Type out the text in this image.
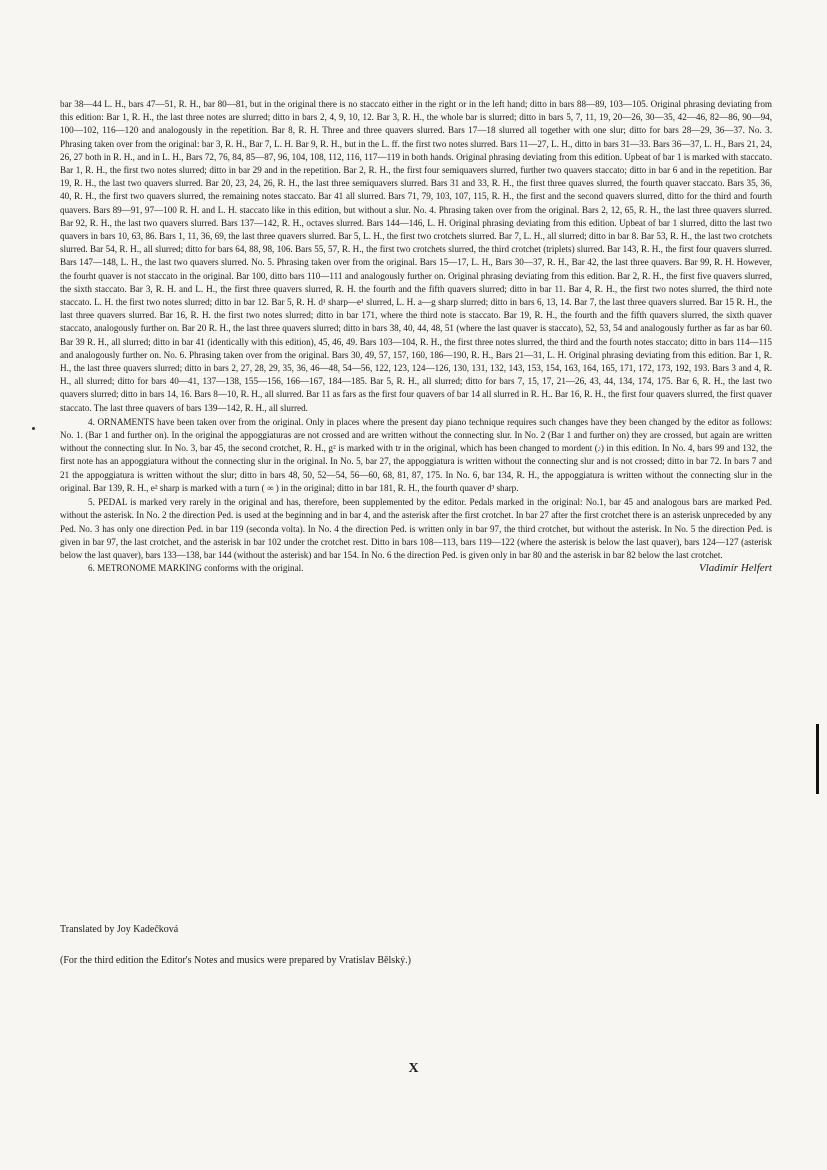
bar 38—44 L. H., bars 47—51, R. H., bar 80—81, but in the original there is no staccato either in the right or in the left hand; ditto in bars 88—89, 103—105. Original phrasing deviating from this edition: Bar 1, R. H., the last three notes are slurred; ditto in bars 2, 4, 9, 10, 12. Bar 3, R. H., the whole bar is slurred; ditto in bars 5, 7, 11, 19, 20—26, 30—35, 42—46, 82—86, 90—94, 100—102, 116—120 and analogously in the repetition. Bar 8, R. H. Three and three quavers slurred. Bars 17—18 slurred all together with one slur; ditto for bars 28—29, 36—37. No. 3. Phrasing taken over from the original: bar 3, R. H., Bar 7, L. H. Bar 9, R. H., but in the L. ff. the first two notes slurred. Bars 11—27, L. H., ditto in bars 31—33. Bars 36—37, L. H., Bars 21, 24, 26, 27 both in R. H., and in L. H., Bars 72, 76, 84, 85—87, 96, 104, 108, 112, 116, 117—119 in both hands. Original phrasing deviating from this edition. Upbeat of bar 1 is marked with staccato. Bar 1, R. H., the first two notes slurred; ditto in bar 29 and in the repetition. Bar 2, R. H., the first four semiquavers slurred, further two quavers staccato; ditto in bar 6 and in the repetition. Bar 19, R. H., the last two quavers slurred. Bar 20, 23, 24, 26, R. H., the last three semiquavers slurred. Bars 31 and 33, R. H., the first three quaves slurred, the fourth quaver staccato. Bars 35, 36, 40, R. H., the first two quavers slurred, the remaining notes staccato. Bar 41 all slurred. Bars 71, 79, 103, 107, 115, R. H., the first and the second quavers slurred, ditto for the third and fourth quavers. Bars 89—91, 97—100 R. H. and L. H. staccato like in this edition, but without a slur. No. 4. Phrasing taken over from the original. Bars 2, 12, 65, R. H., the last three quavers slurred. Bar 92, R. H., the last two quavers slurred. Bars 137—142, R. H., octaves slurred. Bars 144—146, L. H. Original phrasing deviating from this edition. Upbeat of bar 1 slurred, ditto the last two quavers in bars 10, 63, 86. Bars 1, 11, 36, 69, the last three quavers slurred. Bar 5, L. H., the first two crotchets slurred. Bar 7, L. H., all slurred; ditto in bar 8. Bar 53, R. H., the last two crotchets slurred. Bar 54, R. H., all slurred; ditto for bars 64, 88, 98, 106. Bars 55, 57, R. H., the first two crotchets slurred, the third crotchet (triplets) slurred. Bar 143, R. H., the first four quavers slurred. Bars 147—148, L. H., the last two quavers slurred. No. 5. Phrasing taken over from the original. Bars 15—17, L. H., Bars 30—37, R. H., Bar 42, the last three quavers. Bar 99, R. H. However, the fourht quaver is not staccato in the original. Bar 100, ditto bars 110—111 and analogously further on. Original phrasing deviating from this edition. Bar 2, R. H., the first five quavers slurred, the sixth staccato. Bar 3, R. H. and L. H., the first three quavers slurred, R. H. the fourth and the fifth quavers slurred; ditto in bar 11. Bar 4, R. H., the first two notes slurred, the third note staccato. L. H. the first two notes slurred; ditto in bar 12. Bar 5, R. H. d¹ sharp—e¹ slurred, L. H. a—g sharp slurred; ditto in bars 6, 13, 14. Bar 7, the last three quavers slurred. Bar 15 R. H., the last three quavers slurred. Bar 16, R. H. the first two notes slurred; ditto in bar 171, where the third note is staccato. Bar 19, R. H., the fourth and the fifth quavers slurred, the sixth quaver staccato, analogously further on. Bar 20 R. H., the last three quavers slurred; ditto in bars 38, 40, 44, 48, 51 (where the last quaver is staccato), 52, 53, 54 and analogously further as far as bar 60. Bar 39 R. H., all slurred; ditto in bar 41 (identically with this edition), 45, 46, 49. Bars 103—104, R. H., the first three notes slurred, the third and the fourth notes staccato; ditto in bars 114—115 and analogously further on. No. 6. Phrasing taken over from the original. Bars 30, 49, 57, 157, 160, 186—190, R. H., Bars 21—31, L. H. Original phrasing deviating from this edition. Bar 1, R. H., the last three quavers slurred; ditto in bars 2, 27, 28, 29, 35, 36, 46—48, 54—56, 122, 123, 124—126, 130, 131, 132, 143, 153, 154, 163, 164, 165, 171, 172, 173, 192, 193. Bars 3 and 4, R. H., all slurred; ditto for bars 40—41, 137—138, 155—156, 166—167, 184—185. Bar 5, R. H., all slurred; ditto for bars 7, 15, 17, 21—26, 43, 44, 134, 174, 175. Bar 6, R. H., the last two quavers slurred; ditto in bars 14, 16. Bars 8—10, R. H., all slurred. Bar 11 as fars as the first four quavers of bar 14 all slurred in R. H.. Bar 16, R. H., the first four quavers slurred, the first quaver staccato. The last three quavers of bars 139—142, R. H., all slurred.

4. ORNAMENTS have been taken over from the original. Only in places where the present day piano technique requires such changes have they been changed by the editor as follows: No. 1. (Bar 1 and further on). In the original the appoggiaturas are not crossed and are written without the connecting slur. In No. 2 (Bar 1 and further on) they are crossed, but again are written without the connecting slur. In No. 3, bar 45, the second crotchet, R. H., g² is marked with tr in the original, which has been changed to mordent (𝆕) in this edition. In No. 4, bars 99 and 132, the first note has an appoggiatura without the connecting slur in the original. In No. 5, bar 27, the appoggiatura is written without the connecting slur and is not crossed; ditto in bar 72. In bars 7 and 21 the appoggiatura is written without the slur; ditto in bars 48, 50, 52—54, 56—60, 68, 81, 87, 175. In No. 6, bar 134, R. H., the appoggiatura is written without the connecting slur in the original. Bar 139, R. H., e² sharp is marked with a turn ( ∞ ) in the original; ditto in bar 181, R. H., the fourth quaver d³ sharp.

5. PEDAL is marked very rarely in the original and has, therefore, been supplemented by the editor. Pedals marked in the original: No.1, bar 45 and analogous bars are marked Ped. without the asterisk. In No. 2 the direction Ped. is used at the beginning and in bar 4, and the asterisk after the first crotchet. In bar 27 after the first crotchet there is an asterisk unpreceded by any Ped. No. 3 has only one direction Ped. in bar 119 (seconda volta). In No. 4 the direction Ped. is written only in bar 97, the third crotchet, but without the asterisk. In No. 5 the direction Ped. is given in bar 97, the last crotchet, and the asterisk in bar 102 under the crotchet rest. Ditto in bars 108—113, bars 119—122 (where the asterisk is below the last quaver), bars 124—127 (asterisk below the last quaver), bars 133—138, bar 144 (without the asterisk) and bar 154. In No. 6 the direction Ped. is given only in bar 80 and the asterisk in bar 82 below the last crotchet.

6. METRONOME MARKING conforms with the original.	Vladimír Helfert

Translated by Joy Kadečková

(For the third edition the Editor's Notes and musics were prepared by Vratislav Bělský.)

X
